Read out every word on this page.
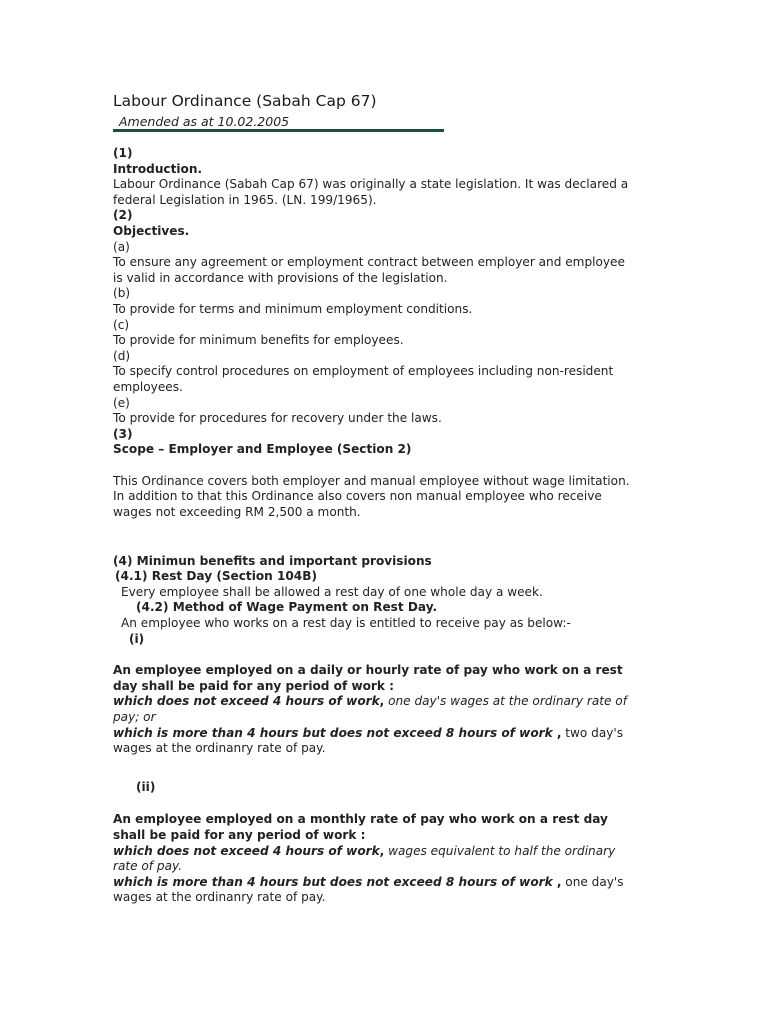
Labour Ordinance (Sabah Cap 67)
Amended as at 10.02.2005
(1)
Introduction.
Labour Ordinance (Sabah Cap 67) was originally a state legislation. It was declared a federal Legislation in 1965. (LN. 199/1965).
(2)
Objectives.
(a)
To ensure any agreement or employment contract between employer and employee is valid in accordance with provisions of the legislation.
(b)
To provide for terms and minimum employment conditions.
(c)
To provide for minimum benefits for employees.
(d)
To specify control procedures on employment of employees including non-resident employees.
(e)
To provide for procedures for recovery under the laws.
(3)
Scope – Employer and Employee (Section 2)
This Ordinance covers both employer and manual employee without wage limitation. In addition to that this Ordinance also covers non manual employee who receive wages not exceeding RM 2,500 a month.
(4) Minimun benefits and important provisions
(4.1) Rest Day (Section 104B)
Every employee shall be allowed a rest day of one whole day a week.
(4.2) Method of Wage Payment on Rest Day.
An employee who works on a rest day is entitled to receive pay as below:-
(i)
An employee employed on a daily or hourly rate of pay who work on a rest day shall be paid for any period of work :
which does not exceed 4 hours of work, one day's wages at the ordinary rate of pay; or
which is more than 4 hours but does not exceed 8 hours of work , two day's wages at the ordinanry rate of pay.
(ii)
An employee employed on a monthly rate of pay who work on a rest day shall be paid for any period of work :
which does not exceed 4 hours of work, wages equivalent to half the ordinary rate of pay.
which is more than 4 hours but does not exceed 8 hours of work , one day's wages at the ordinanry rate of pay.
